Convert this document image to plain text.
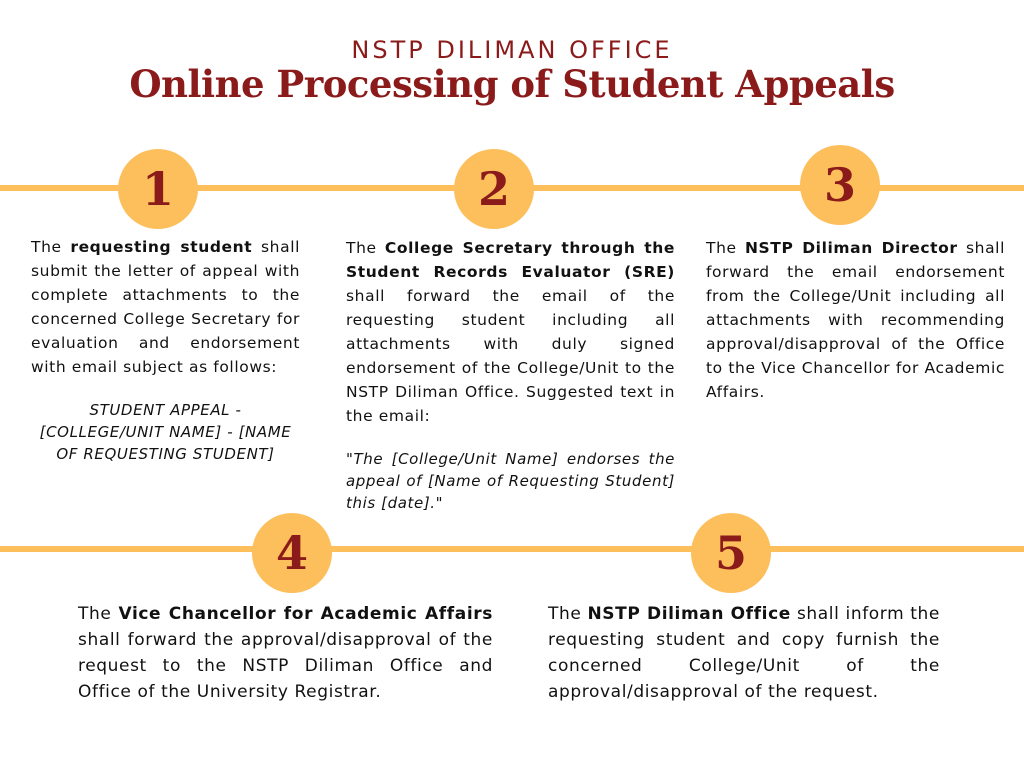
NSTP DILIMAN OFFICE
Online Processing of Student Appeals
1	2	3
4	5
The requesting student shall submit the letter of appeal with complete attachments to the concerned College Secretary for evaluation and endorsement with email subject as follows:
STUDENT APPEAL - [COLLEGE/UNIT NAME] - [NAME OF REQUESTING STUDENT]
The College Secretary through the Student Records Evaluator (SRE) shall forward the email of the requesting student including all attachments with duly signed endorsement of the College/Unit to the NSTP Diliman Office. Suggested text in the email:
"The [College/Unit Name] endorses the appeal of [Name of Requesting Student] this [date]."
The NSTP Diliman Director shall forward the email endorsement from the College/Unit including all attachments with recommending approval/disapproval of the Office to the Vice Chancellor for Academic Affairs.
The Vice Chancellor for Academic Affairs shall forward the approval/disapproval of the request to the NSTP Diliman Office and Office of the University Registrar.
The NSTP Diliman Office shall inform the requesting student and copy furnish the concerned College/Unit of the approval/disapproval of the request.
